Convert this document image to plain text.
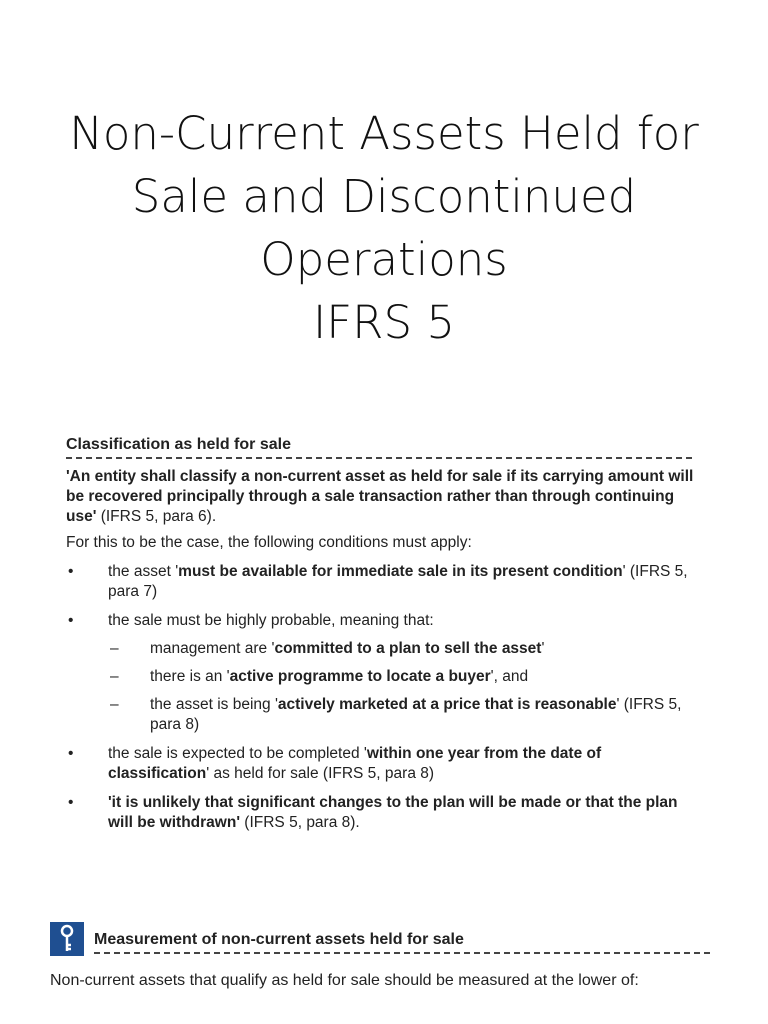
Non-Current Assets Held for
Sale and Discontinued
Operations
IFRS 5
Classification as held for sale
'An entity shall classify a non-current asset as held for sale if its carrying amount will be recovered principally through a sale transaction rather than through continuing use' (IFRS 5, para 6).
For this to be the case, the following conditions must apply:
• the asset 'must be available for immediate sale in its present condition' (IFRS 5, para 7)
• the sale must be highly probable, meaning that:
– management are 'committed to a plan to sell the asset'
– there is an 'active programme to locate a buyer', and
– the asset is being 'actively marketed at a price that is reasonable' (IFRS 5, para 8)
• the sale is expected to be completed 'within one year from the date of classification' as held for sale (IFRS 5, para 8)
• 'it is unlikely that significant changes to the plan will be made or that the plan will be withdrawn' (IFRS 5, para 8).
Measurement of non-current assets held for sale
Non-current assets that qualify as held for sale should be measured at the lower of:
